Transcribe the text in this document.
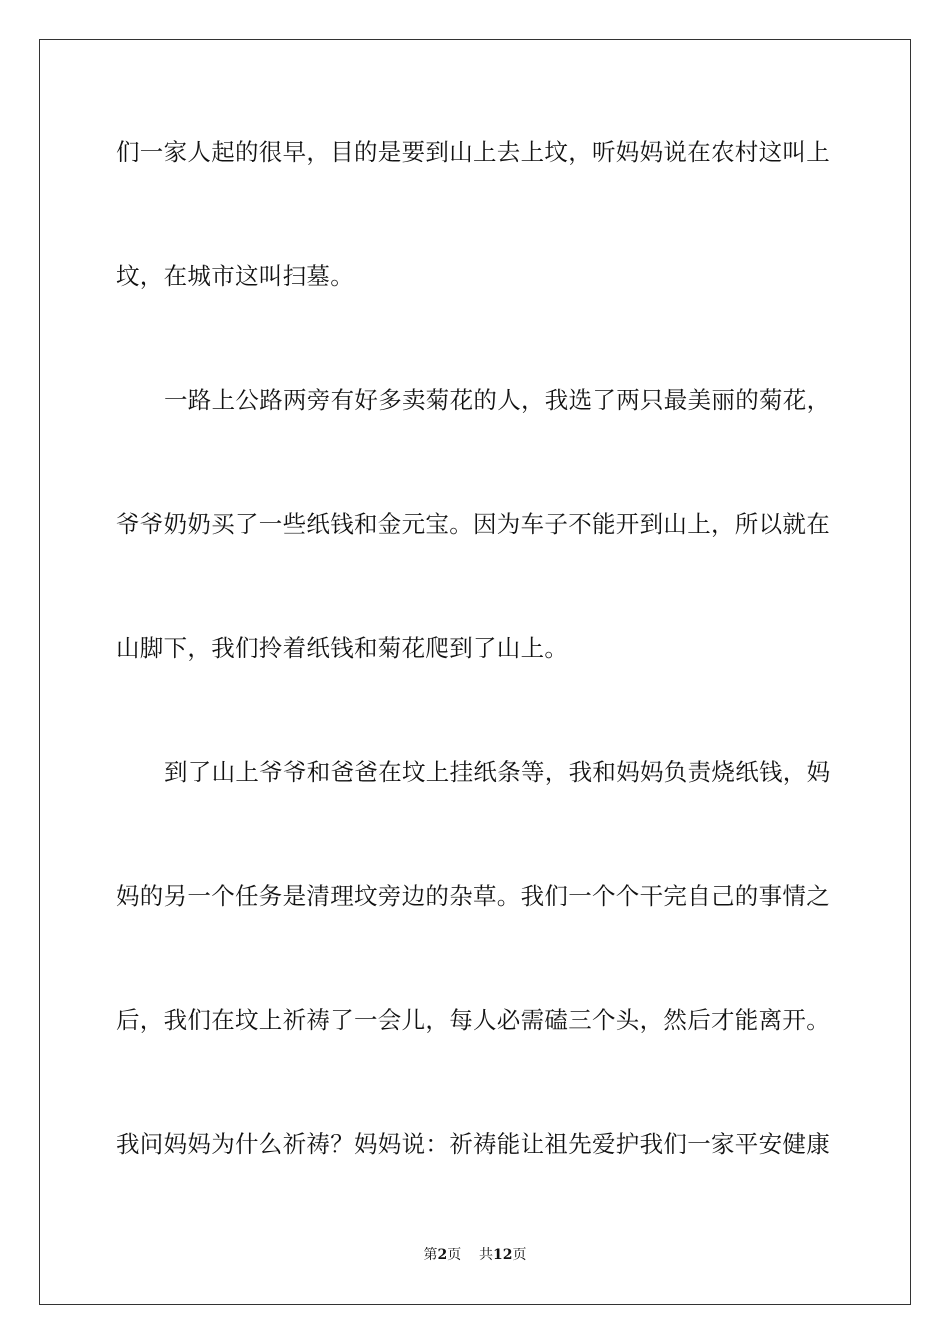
们一家人起的很早，目的是要到山上去上坟，听妈妈说在农村这叫上
坟，在城市这叫扫墓。
一路上公路两旁有好多卖菊花的人，我选了两只最美丽的菊花，
爷爷奶奶买了一些纸钱和金元宝。因为车子不能开到山上，所以就在
山脚下，我们拎着纸钱和菊花爬到了山上。
到了山上爷爷和爸爸在坟上挂纸条等，我和妈妈负责烧纸钱，妈
妈的另一个任务是清理坟旁边的杂草。我们一个个干完自己的事情之
后，我们在坟上祈祷了一会儿，每人必需磕三个头，然后才能离开。
我问妈妈为什么祈祷？妈妈说：祈祷能让祖先爱护我们一家平安健康
第2页 共12页
